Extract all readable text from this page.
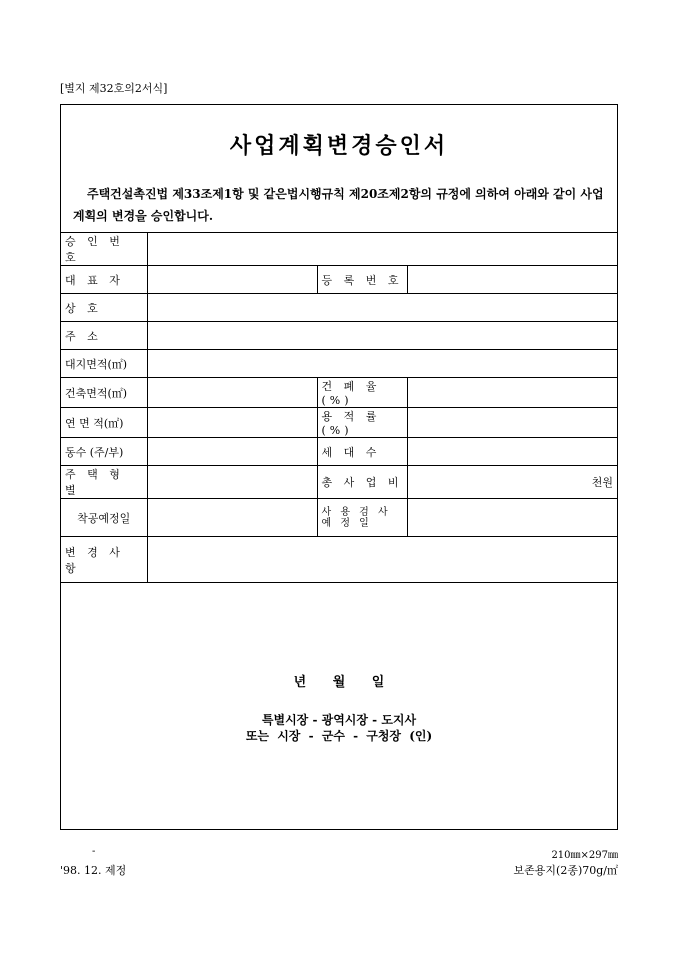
[별지 제32호의2서식]
사업계획변경승인서
주택건설촉진법 제33조제1항 및 같은법시행규칙 제20조제2항의 규정에 의하여 아래와 같이 사업계획의 변경을 승인합니다.
승 인 번 호			
대 표 자		등 록 번 호	
상 호			
주 소			
대지면적(㎡)			
건축면적(㎡)		건 폐 율(%)	
연 면 적(㎡)		용 적 률(%)	
동수 (주/부)		세 대 수	
주 택 형 별		총 사 업 비	천원
착공예정일		사 용 검 사
예 정 일	

변 경 사 항			
년 월 일
특별시장 - 광역시장 - 도지사
또는 시장 - 군수 - 구청장 (인)
-
'98. 12. 제정
210㎜×297㎜
보존용지(2종)70g/㎡
